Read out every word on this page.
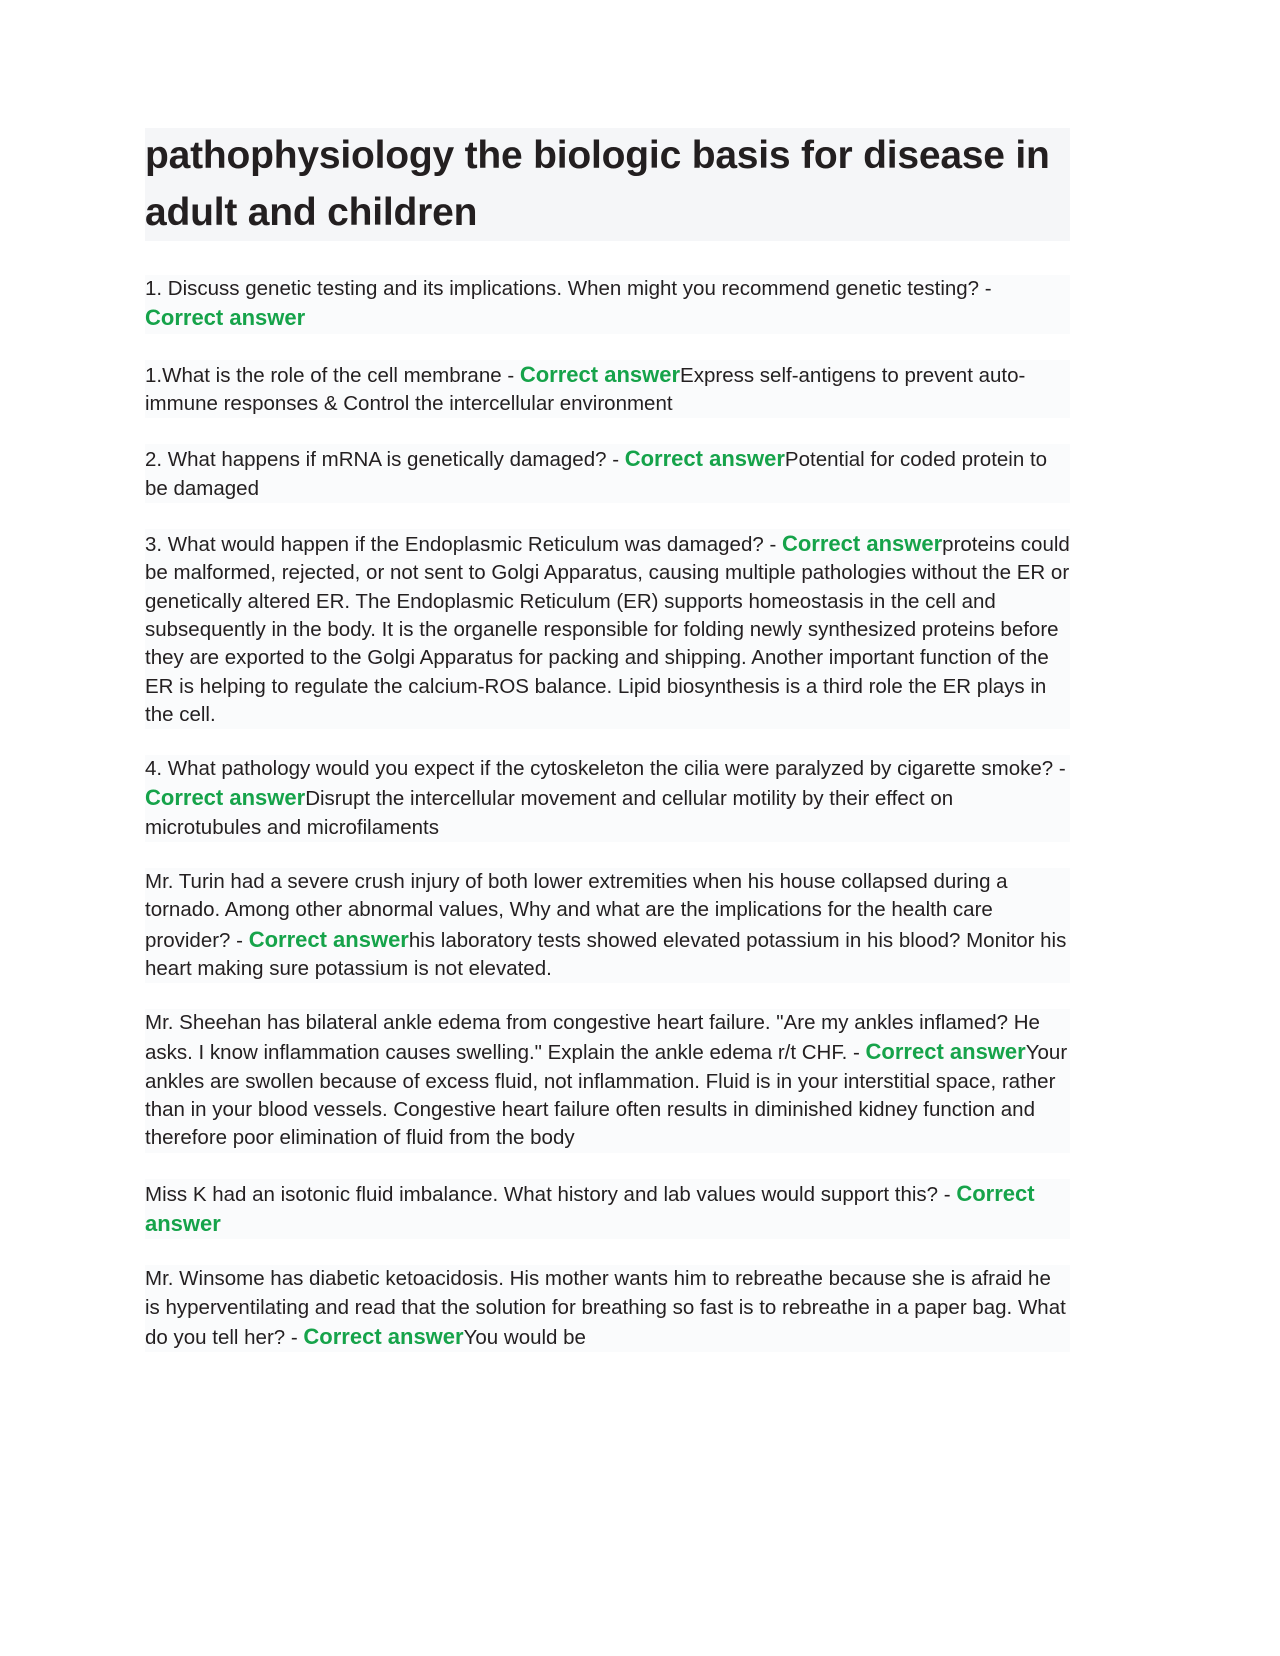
pathophysiology the biologic basis for disease in adult and children

1. Discuss genetic testing and its implications. When might you recommend genetic testing? - Correct answer

1.What is the role of the cell membrane - Correct answerExpress self-antigens to prevent auto-immune responses & Control the intercellular environment

2. What happens if mRNA is genetically damaged? - Correct answerPotential for coded protein to be damaged

3. What would happen if the Endoplasmic Reticulum was damaged? - Correct answerproteins could be malformed, rejected, or not sent to Golgi Apparatus, causing multiple pathologies without the ER or genetically altered ER. The Endoplasmic Reticulum (ER) supports homeostasis in the cell and subsequently in the body. It is the organelle responsible for folding newly synthesized proteins before they are exported to the Golgi Apparatus for packing and shipping. Another important function of the ER is helping to regulate the calcium-ROS balance. Lipid biosynthesis is a third role the ER plays in the cell.

4. What pathology would you expect if the cytoskeleton the cilia were paralyzed by cigarette smoke? - Correct answerDisrupt the intercellular movement and cellular motility by their effect on microtubules and microfilaments

Mr. Turin had a severe crush injury of both lower extremities when his house collapsed during a tornado. Among other abnormal values, Why and what are the implications for the health care provider? - Correct answerhis laboratory tests showed elevated potassium in his blood? Monitor his heart making sure potassium is not elevated.

Mr. Sheehan has bilateral ankle edema from congestive heart failure. "Are my ankles inflamed? He asks. I know inflammation causes swelling." Explain the ankle edema r/t CHF. - Correct answerYour ankles are swollen because of excess fluid, not inflammation. Fluid is in your interstitial space, rather than in your blood vessels. Congestive heart failure often results in diminished kidney function and therefore poor elimination of fluid from the body

Miss K had an isotonic fluid imbalance. What history and lab values would support this? - Correct answer

Mr. Winsome has diabetic ketoacidosis. His mother wants him to rebreathe because she is afraid he is hyperventilating and read that the solution for breathing so fast is to rebreathe in a paper bag. What do you tell her? - Correct answerYou would be
